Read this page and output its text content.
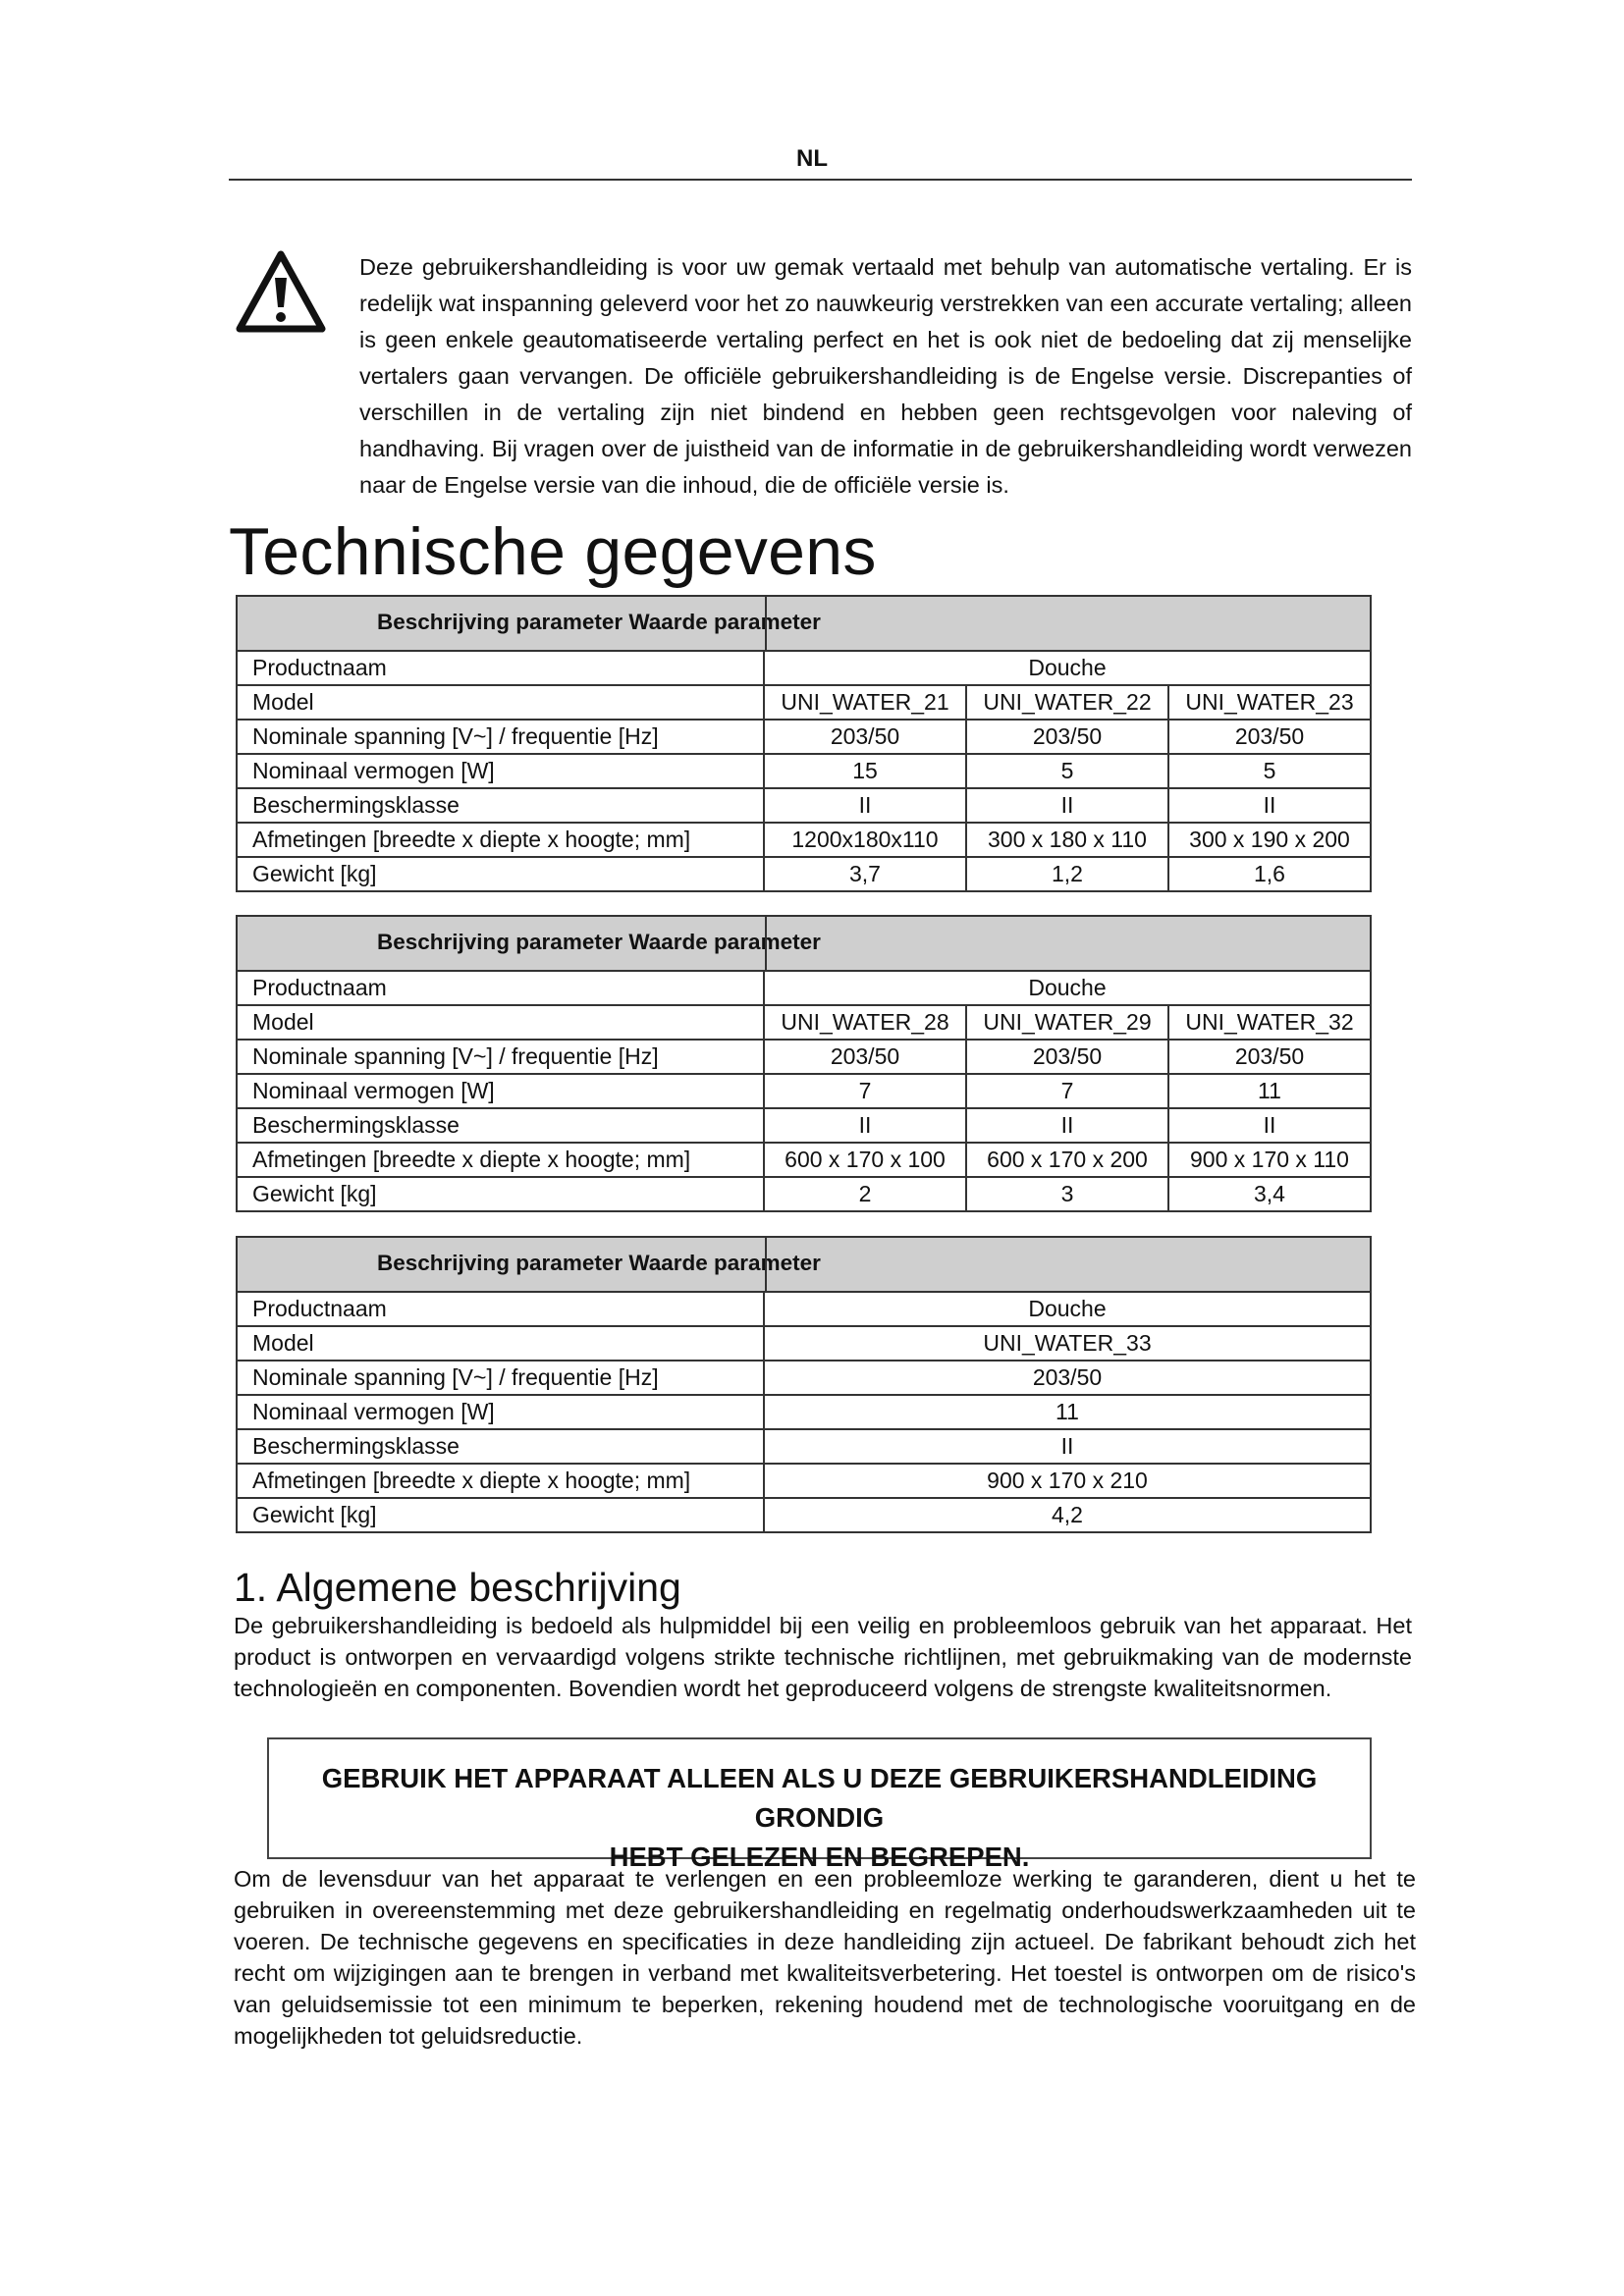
NL
Deze gebruikershandleiding is voor uw gemak vertaald met behulp van automatische vertaling. Er is redelijk wat inspanning geleverd voor het zo nauwkeurig verstrekken van een accurate vertaling; alleen is geen enkele geautomatiseerde vertaling perfect en het is ook niet de bedoeling dat zij menselijke vertalers gaan vervangen. De officiële gebruikershandleiding is de Engelse versie. Discrepanties of verschillen in de vertaling zijn niet bindend en hebben geen rechtsgevolgen voor naleving of handhaving. Bij vragen over de juistheid van de informatie in de gebruikershandleiding wordt verwezen naar de Engelse versie van die inhoud, die de officiële versie is.
Technische gegevens
Beschrijving parameter Waarde parameter			

Productnaam	Douche		
Model	UNI_WATER_21	UNI_WATER_22	UNI_WATER_23
Nominale spanning [V~] / frequentie [Hz]	203/50	203/50	203/50
Nominaal vermogen [W]	15	5	5
Beschermingsklasse	II	II	II
Afmetingen [breedte x diepte x hoogte; mm]	1200x180x110	300 x 180 x 110	300 x 190 x 200
Gewicht [kg]	3,7	1,2	1,6
Beschrijving parameter Waarde parameter			

Productnaam	Douche		
Model	UNI_WATER_28	UNI_WATER_29	UNI_WATER_32
Nominale spanning [V~] / frequentie [Hz]	203/50	203/50	203/50
Nominaal vermogen [W]	7	7	11
Beschermingsklasse	II	II	II
Afmetingen [breedte x diepte x hoogte; mm]	600 x 170 x 100	600 x 170 x 200	900 x 170 x 110
Gewicht [kg]	2	3	3,4
Beschrijving parameter Waarde parameter	

Productnaam	Douche
Model	UNI_WATER_33
Nominale spanning [V~] / frequentie [Hz]	203/50
Nominaal vermogen [W]	11
Beschermingsklasse	II
Afmetingen [breedte x diepte x hoogte; mm]	900 x 170 x 210
Gewicht [kg]	4,2
1. Algemene beschrijving
De gebruikershandleiding is bedoeld als hulpmiddel bij een veilig en probleemloos gebruik van het apparaat. Het product is ontworpen en vervaardigd volgens strikte technische richtlijnen, met gebruikmaking van de modernste technologieën en componenten. Bovendien wordt het geproduceerd volgens de strengste kwaliteitsnormen.
GEBRUIK HET APPARAAT ALLEEN ALS U DEZE GEBRUIKERSHANDLEIDING GRONDIG
HEBT GELEZEN EN BEGREPEN.
Om de levensduur van het apparaat te verlengen en een probleemloze werking te garanderen, dient u het te gebruiken in overeenstemming met deze gebruikershandleiding en regelmatig onderhoudswerkzaamheden uit te voeren. De technische gegevens en specificaties in deze handleiding zijn actueel. De fabrikant behoudt zich het recht om wijzigingen aan te brengen in verband met kwaliteitsverbetering. Het toestel is ontworpen om de risico's van geluidsemissie tot een minimum te beperken, rekening houdend met de technologische vooruitgang en de mogelijkheden tot geluidsreductie.
